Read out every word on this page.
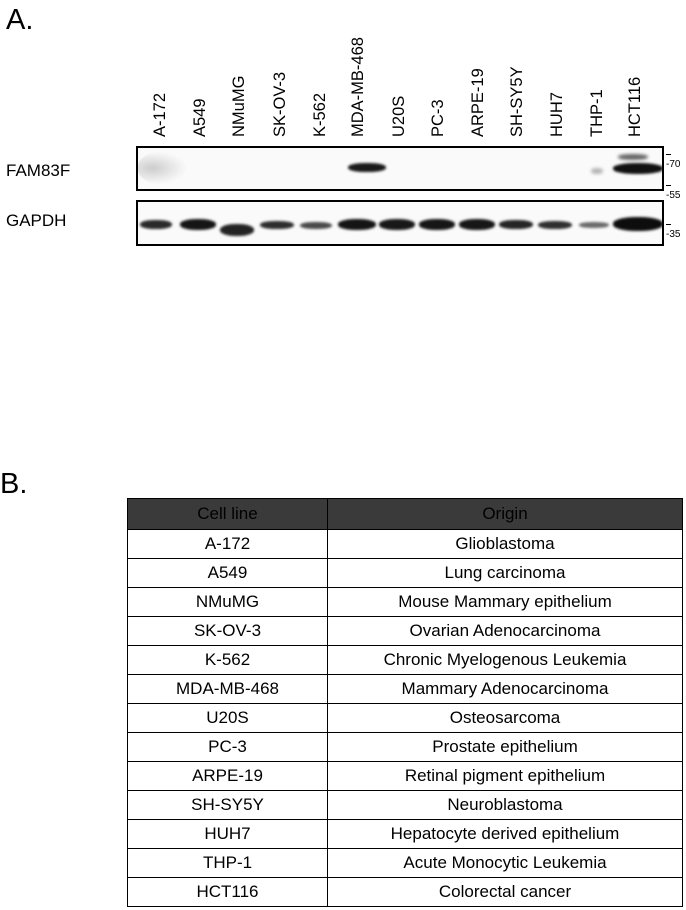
A.
A-172 A549 NMuMG SK-OV-3 K-562 MDA-MB-468 U20S PC-3 ARPE-19 SH-SY5Y HUH7 THP-1 HCT116
FAM83F
GAPDH
-70
-55
-35
B.
Cell line	Origin
A-172	Glioblastoma
A549	Lung carcinoma
NMuMG	Mouse Mammary epithelium
SK-OV-3	Ovarian Adenocarcinoma
K-562	Chronic Myelogenous Leukemia
MDA-MB-468	Mammary Adenocarcinoma
U20S	Osteosarcoma
PC-3	Prostate epithelium
ARPE-19	Retinal pigment epithelium
SH-SY5Y	Neuroblastoma
HUH7	Hepatocyte derived epithelium
THP-1	Acute Monocytic Leukemia
HCT116	Colorectal cancer
